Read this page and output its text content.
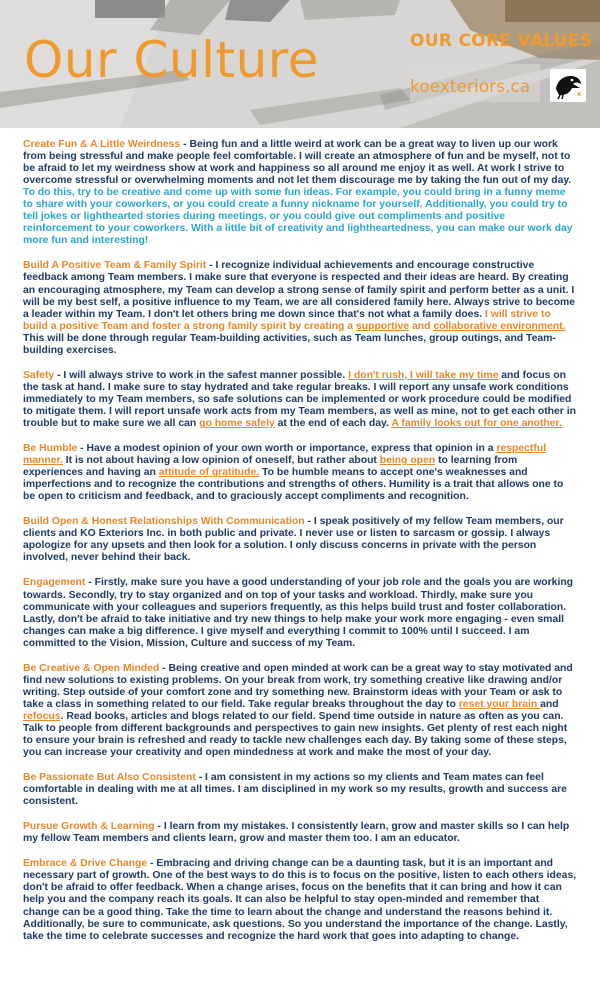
Our Culture	OUR CORE VALUES
koexteriors.ca

Create Fun & A Little Weirdness - Being fun and a little weird at work can be a great way to liven up our work from being stressful and make people feel comfortable. I will create an atmosphere of fun and be myself, not to be afraid to let my weirdness show at work and happiness so all around me enjoy it as well. At work I strive to overcome stressful or overwhelming moments and not let them discourage me by taking the fun out of my day. To do this, try to be creative and come up with some fun ideas. For example, you could bring in a funny meme to share with your coworkers, or you could create a funny nickname for yourself. Additionally, you could try to tell jokes or lighthearted stories during meetings, or you could give out compliments and positive reinforcement to your coworkers. With a little bit of creativity and lightheartedness, you can make our work day more fun and interesting!

Build A Positive Team & Family Spirit - I recognize individual achievements and encourage constructive feedback among Team members. I make sure that everyone is respected and their ideas are heard. By creating an encouraging atmosphere, my Team can develop a strong sense of family spirit and perform better as a unit. I will be my best self, a positive influence to my Team, we are all considered family here. Always strive to become a leader within my Team. I don't let others bring me down since that's not what a family does. I will strive to build a positive Team and foster a strong family spirit by creating a supportive and collaborative environment. This will be done through regular Team-building activities, such as Team lunches, group outings, and Team-building exercises.

Safety - I will always strive to work in the safest manner possible. I don't rush, I will take my time and focus on the task at hand. I make sure to stay hydrated and take regular breaks. I will report any unsafe work conditions immediately to my Team members, so safe solutions can be implemented or work procedure could be modified to mitigate them. I will report unsafe work acts from my Team members, as well as mine, not to get each other in trouble but to make sure we all can go home safely at the end of each day. A family looks out for one another.

Be Humble - Have a modest opinion of your own worth or importance, express that opinion in a respectful manner. It is not about having a low opinion of oneself, but rather about being open to learning from experiences and having an attitude of gratitude. To be humble means to accept one's weaknesses and imperfections and to recognize the contributions and strengths of others. Humility is a trait that allows one to be open to criticism and feedback, and to graciously accept compliments and recognition.

Build Open & Honest Relationships With Communication - I speak positively of my fellow Team members, our clients and KO Exteriors Inc. in both public and private. I never use or listen to sarcasm or gossip. I always apologize for any upsets and then look for a solution. I only discuss concerns in private with the person involved, never behind their back.

Engagement - Firstly, make sure you have a good understanding of your job role and the goals you are working towards. Secondly, try to stay organized and on top of your tasks and workload. Thirdly, make sure you communicate with your colleagues and superiors frequently, as this helps build trust and foster collaboration. Lastly, don't be afraid to take initiative and try new things to help make your work more engaging - even small changes can make a big difference. I give myself and everything I commit to 100% until I succeed. I am committed to the Vision, Mission, Culture and success of my Team.

Be Creative & Open Minded - Being creative and open minded at work can be a great way to stay motivated and find new solutions to existing problems. On your break from work, try something creative like drawing and/or writing. Step outside of your comfort zone and try something new. Brainstorm ideas with your Team or ask to take a class in something related to our field. Take regular breaks throughout the day to reset your brain and refocus. Read books, articles and blogs related to our field. Spend time outside in nature as often as you can. Talk to people from different backgrounds and perspectives to gain new insights. Get plenty of rest each night to ensure your brain is refreshed and ready to tackle new challenges each day. By taking some of these steps, you can increase your creativity and open mindedness at work and make the most of your day.

Be Passionate But Also Consistent - I am consistent in my actions so my clients and Team mates can feel comfortable in dealing with me at all times. I am disciplined in my work so my results, growth and success are consistent.

Pursue Growth & Learning - I learn from my mistakes. I consistently learn, grow and master skills so I can help my fellow Team members and clients learn, grow and master them too. I am an educator.

Embrace & Drive Change - Embracing and driving change can be a daunting task, but it is an important and necessary part of growth. One of the best ways to do this is to focus on the positive, listen to each others ideas, don't be afraid to offer feedback. When a change arises, focus on the benefits that it can bring and how it can help you and the company reach its goals. It can also be helpful to stay open-minded and remember that change can be a good thing. Take the time to learn about the change and understand the reasons behind it. Additionally, be sure to communicate, ask questions. So you understand the importance of the change. Lastly, take the time to celebrate successes and recognize the hard work that goes into adapting to change.
